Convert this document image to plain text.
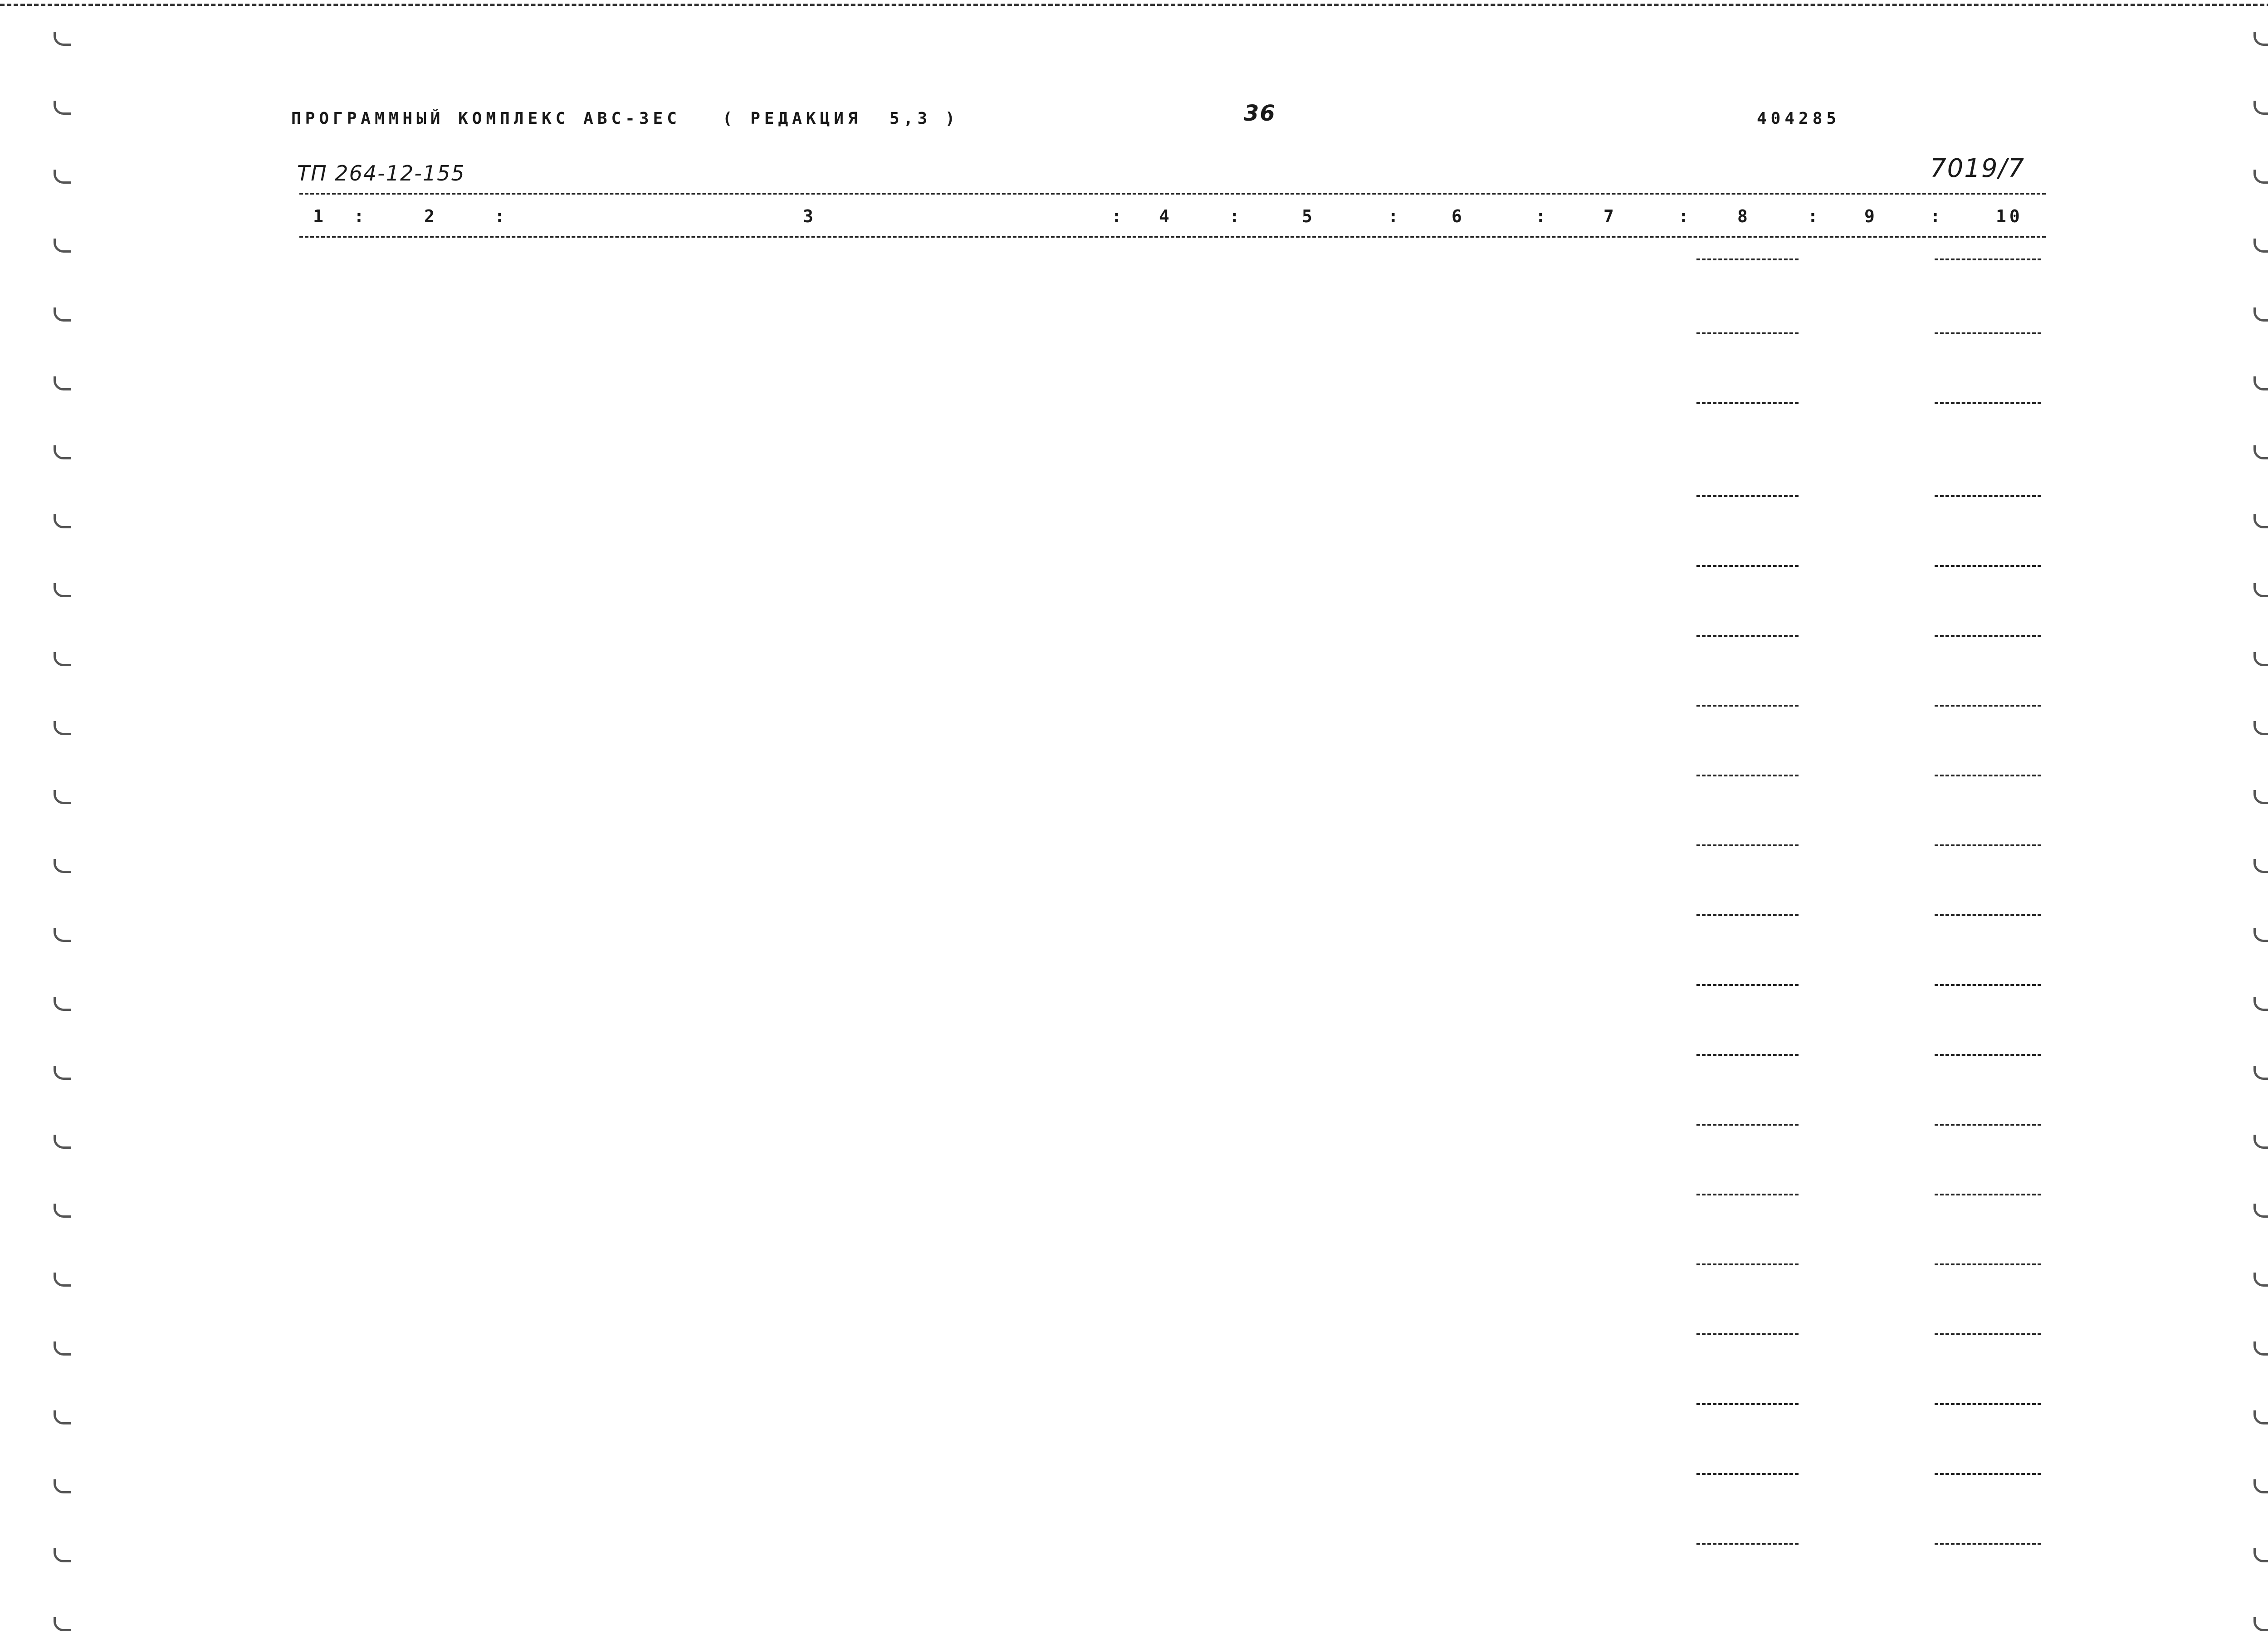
ПРОГРАММНЫЙ КОМПЛЕКС АВС-ЗЕС   ( РЕДАКЦИЯ  5,3 )	36	404285
ТП 264-12-155	7019/7
1	2	3	4	5	6	7	8	9	10
:	:	:	:	:	:	:	:	:
